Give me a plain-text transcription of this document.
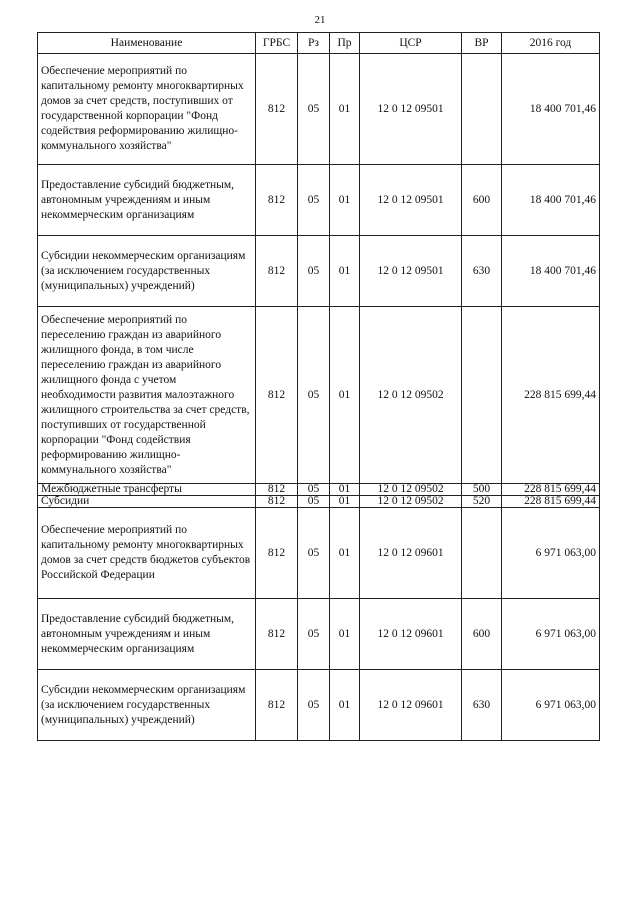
21
Наименование	ГРБС	Рз	Пр	ЦСР	ВР	2016 год
Обеспечение мероприятий по капитальному ремонту многоквартирных домов за счет средств, поступивших от государственной корпорации "Фонд содействия реформированию жилищно-коммунального хозяйства"	812	05	01	12 0 12 09501		18 400 701,46
Предоставление субсидий бюджетным, автономным учреждениям и иным некоммерческим организациям	812	05	01	12 0 12 09501	600	18 400 701,46
Субсидии некоммерческим организациям (за исключением государственных (муниципальных) учреждений)	812	05	01	12 0 12 09501	630	18 400 701,46
Обеспечение мероприятий по переселению граждан из аварийного жилищного фонда, в том числе переселению граждан из аварийного жилищного фонда с учетом необходимости развития малоэтажного жилищного строительства за счет средств, поступивших от государственной корпорации "Фонд содействия реформированию жилищно-коммунального хозяйства"	812	05	01	12 0 12 09502		228 815 699,44
Межбюджетные трансферты	812	05	01	12 0 12 09502	500	228 815 699,44
Субсидии	812	05	01	12 0 12 09502	520	228 815 699,44
Обеспечение мероприятий по капитальному ремонту многоквартирных домов за счет средств бюджетов субъектов Российской Федерации	812	05	01	12 0 12 09601		6 971 063,00
Предоставление субсидий бюджетным, автономным учреждениям и иным некоммерческим организациям	812	05	01	12 0 12 09601	600	6 971 063,00
Субсидии некоммерческим организациям (за исключением государственных (муниципальных) учреждений)	812	05	01	12 0 12 09601	630	6 971 063,00
